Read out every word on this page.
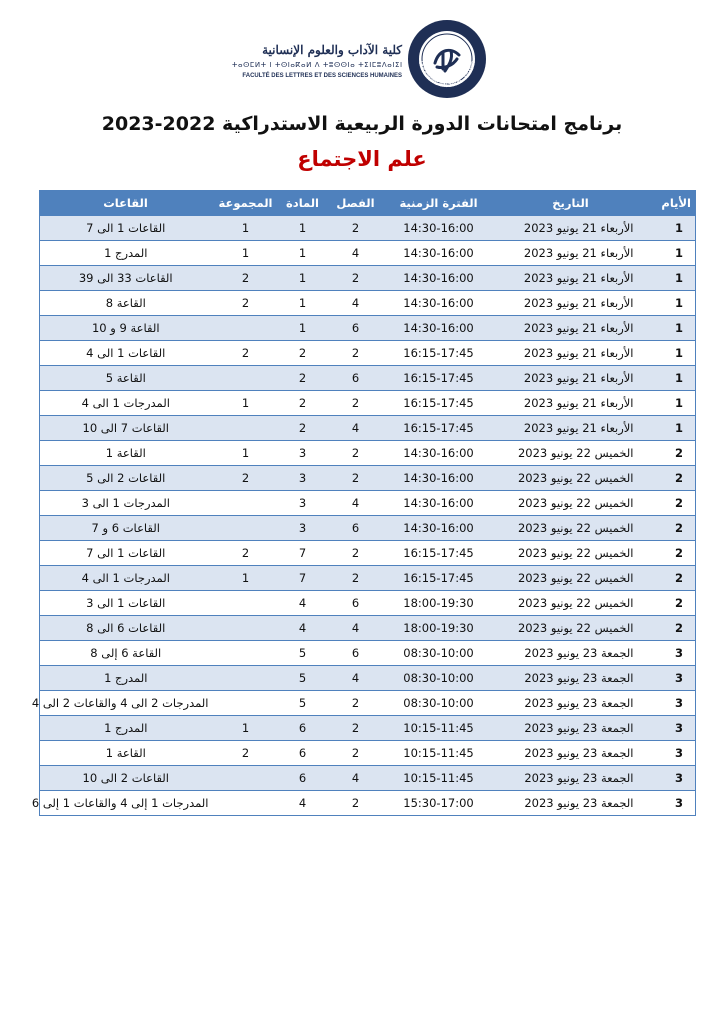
UNIVERSITÉ IBN ZOHR - AGADIR
كلية الآداب والعلوم الإنسانية
ⵜⴰⵙⵎⵍⵜ ⵏ ⵜⵙⵏⴰⴽⴰⵍ ⴷ ⵜⵓⵙⵙⵏⴰ ⵜⵉⵏⵎⵓⴷⴰⵏⵉⵏ
FACULTÉ DES LETTRES ET DES SCIENCES HUMAINES
برنامج امتحانات الدورة الربيعية الاستدراكية 2022-2023
علم الاجتماع
الأيام	التاريخ	الفترة الزمنية	الفصل	المادة	المجموعة	القاعات
1	الأربعاء 21 يونيو 2023	14:30-16:00	2	1	1	القاعات 1 الى 7
1	الأربعاء 21 يونيو 2023	14:30-16:00	4	1	1	المدرج 1
1	الأربعاء 21 يونيو 2023	14:30-16:00	2	1	2	القاعات 33 الى 39
1	الأربعاء 21 يونيو 2023	14:30-16:00	4	1	2	القاعة 8
1	الأربعاء 21 يونيو 2023	14:30-16:00	6	1		القاعة 9 و 10
1	الأربعاء 21 يونيو 2023	16:15-17:45	2	2	2	القاعات 1 الى 4
1	الأربعاء 21 يونيو 2023	16:15-17:45	6	2		القاعة 5
1	الأربعاء 21 يونيو 2023	16:15-17:45	2	2	1	المدرجات 1 الى 4
1	الأربعاء 21 يونيو 2023	16:15-17:45	4	2		القاعات 7 الى 10
2	الخميس 22 يونيو 2023	14:30-16:00	2	3	1	القاعة 1
2	الخميس 22 يونيو 2023	14:30-16:00	2	3	2	القاعات 2 الى 5
2	الخميس 22 يونيو 2023	14:30-16:00	4	3		المدرجات 1 الى 3
2	الخميس 22 يونيو 2023	14:30-16:00	6	3		القاعات 6 و 7
2	الخميس 22 يونيو 2023	16:15-17:45	2	7	2	القاعات 1 الى 7
2	الخميس 22 يونيو 2023	16:15-17:45	2	7	1	المدرجات 1 الى 4
2	الخميس 22 يونيو 2023	18:00-19:30	6	4		القاعات 1 الى 3
2	الخميس 22 يونيو 2023	18:00-19:30	4	4		القاعات 6 الى 8
3	الجمعة 23 يونيو 2023	08:30-10:00	6	5		القاعة 6 إلى 8
3	الجمعة 23 يونيو 2023	08:30-10:00	4	5		المدرج 1
3	الجمعة 23 يونيو 2023	08:30-10:00	2	5		المدرجات 2 الى 4 والقاعات 2 الى 4
3	الجمعة 23 يونيو 2023	10:15-11:45	2	6	1	المدرج 1
3	الجمعة 23 يونيو 2023	10:15-11:45	2	6	2	القاعة 1
3	الجمعة 23 يونيو 2023	10:15-11:45	4	6		القاعات 2 الى 10
3	الجمعة 23 يونيو 2023	15:30-17:00	2	4		المدرجات 1 إلى 4 والقاعات 1 إلى 6
